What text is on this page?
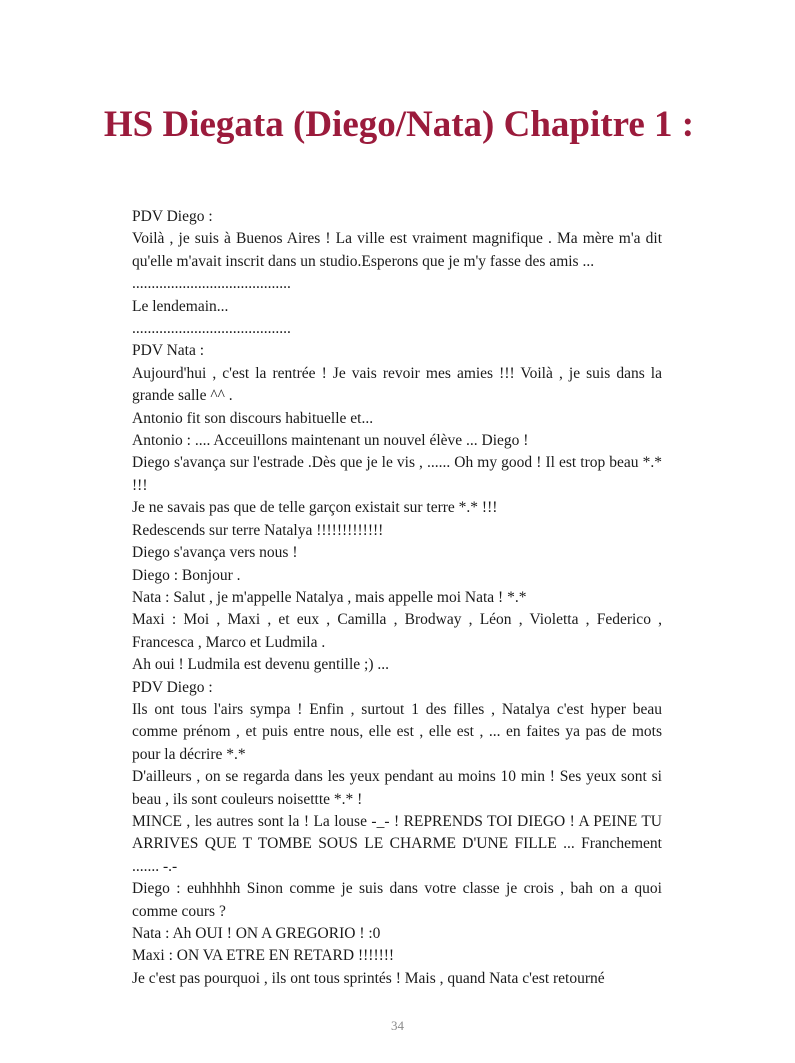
HS Diegata (Diego/Nata) Chapitre 1 :

PDV Diego :

Voilà , je suis à Buenos Aires ! La ville est vraiment magnifique . Ma mère m'a dit qu'elle m'avait inscrit dans un studio.Esperons que je m'y fasse des amis ...

.........................................

Le lendemain...

.........................................

PDV Nata :

Aujourd'hui , c'est la rentrée ! Je vais revoir mes amies !!! Voilà , je suis dans la grande salle ^^ .

Antonio fit son discours habituelle et...

Antonio : .... Acceuillons maintenant un nouvel élève ... Diego !

Diego s'avança sur l'estrade .Dès que je le vis , ...... Oh my good ! Il est trop beau *.* !!!

Je ne savais pas que de telle garçon existait sur terre *.* !!!

Redescends sur terre Natalya !!!!!!!!!!!!!

Diego s'avança vers nous !

Diego : Bonjour .

Nata : Salut , je m'appelle Natalya , mais appelle moi Nata ! *.*

Maxi : Moi , Maxi , et eux , Camilla , Brodway , Léon , Violetta , Federico , Francesca , Marco et Ludmila .

Ah oui ! Ludmila est devenu gentille ;) ...

PDV Diego :

Ils ont tous l'airs sympa ! Enfin , surtout 1 des filles , Natalya c'est hyper beau comme prénom , et puis entre nous, elle est , elle est , ... en faites ya pas de mots pour la décrire *.*

D'ailleurs , on se regarda dans les yeux pendant au moins 10 min ! Ses yeux sont si beau , ils sont couleurs noisettte *.* !

MINCE , les autres sont la ! La louse -_- ! REPRENDS TOI DIEGO ! A PEINE TU ARRIVES QUE T TOMBE SOUS LE CHARME D'UNE FILLE ... Franchement ....... -.-

Diego : euhhhhh Sinon comme je suis dans votre classe je crois , bah on a quoi comme cours ?

Nata : Ah OUI ! ON A GREGORIO ! :0

Maxi : ON VA ETRE EN RETARD !!!!!!!

Je c'est pas pourquoi , ils ont tous sprintés ! Mais , quand Nata c'est retourné

34
